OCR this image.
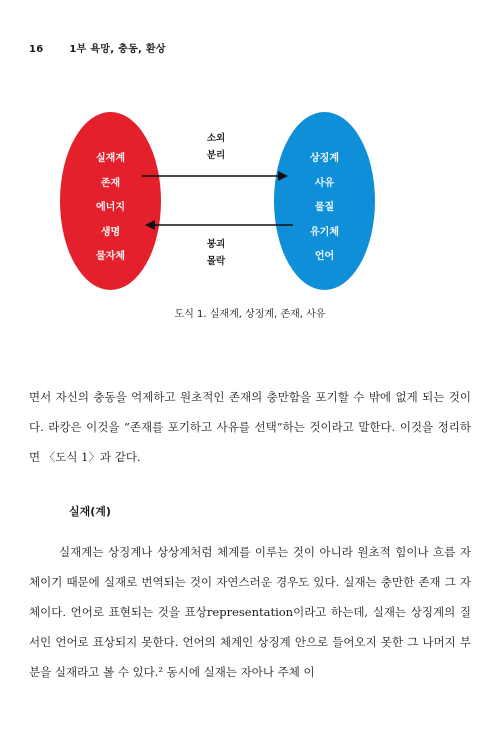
16	1부 욕망, 충동, 환상
실재계
존재
에너지
생명
물자체
상징계
사유
물질
유기체
언어
소외
분리
붕괴
몰락
도식 1. 실재계, 상징계, 존재, 사유

면서 자신의 충동을 억제하고 원초적인 존재의 충만함을 포기할 수 밖에 없게 되는 것이다. 라캉은 이것을 “존재를 포기하고 사유를 선택”하는 것이라고 말한다. 이것을 정리하면 〈도식 1〉과 같다.

실재(계)

실재계는 상징계나 상상계처럼 체계를 이루는 것이 아니라 원초적 힘이나 흐름 자체이기 때문에 실재로 번역되는 것이 자연스러운 경우도 있다. 실재는 충만한 존재 그 자체이다. 언어로 표현되는 것을 표상representation이라고 하는데, 실재는 상징계의 질서인 언어로 표상되지 못한다. 언어의 체계인 상징계 안으로 들어오지 못한 그 나머지 부분을 실재라고 볼 수 있다.² 동시에 실재는 자아나 주체 이
